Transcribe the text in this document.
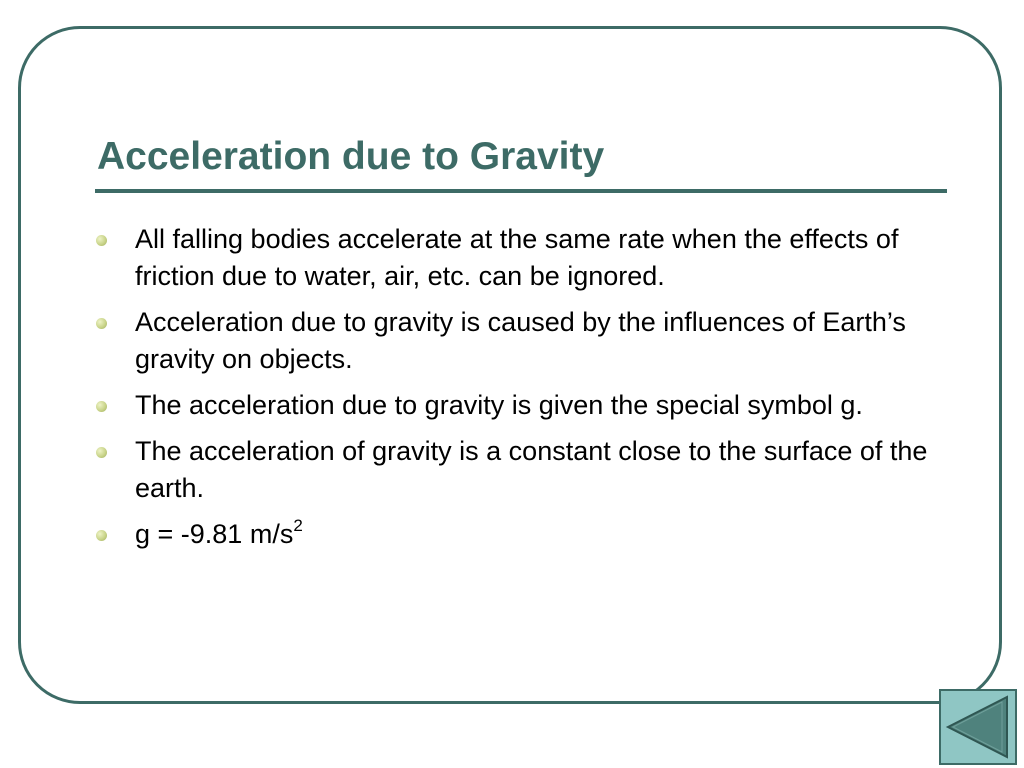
Acceleration due to Gravity
All falling bodies accelerate at the same rate when the effects of friction due to water, air, etc. can be ignored.
Acceleration due to gravity is caused by the influences of Earth’s gravity on objects.
The acceleration due to gravity is given the special symbol g.
The acceleration of gravity is a constant close to the surface of the earth.
g = -9.81 $m/s^2$
